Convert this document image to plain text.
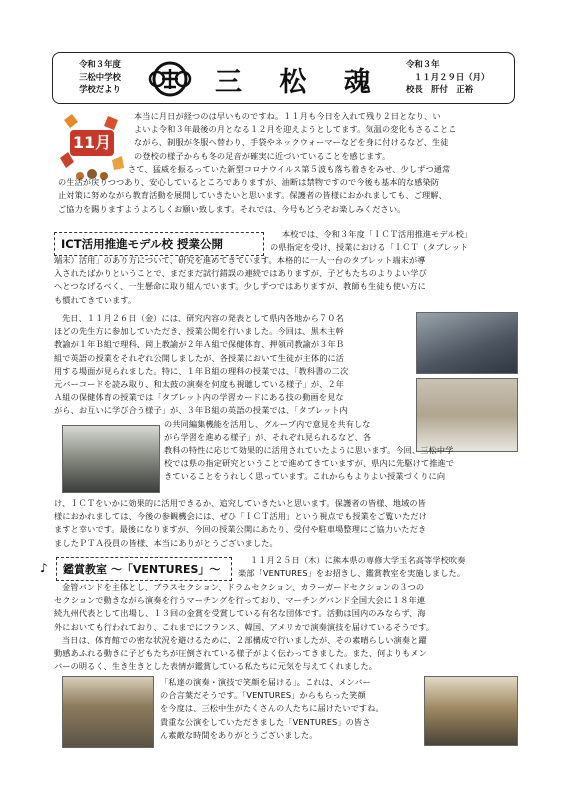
令和３年度
三松中学校
学校だより	三 松 魂
令和３年
１１月２９日（月）
校長　肝付　正裕
11月

本当に月日が経つのは早いものですね。１１月も今日を入れて残り２日となり、い

よいよ令和３年最後の月となる１２月を迎えようとしてます。気温の変化もさることこ

ながら、制服が冬服へ替わり、手袋やネックウォーマーなどを身に付けるなど、生徒

の登校の様子からも冬の足音が確実に近づいていることを感じます。

さて、猛威を振るっていた新型コロナウイルス第５波も落ち着きをみせ、少しずつ通常

の生活が戻りつつあり、安心しているところでありますが、油断は禁物ですので今後も基本的な感染防

止対策に努めながら教育活動を展開していきたいと思います。保護者の皆様におかれましても、ご理解、

ご協力を賜りますようよろしくお願い致します。それでは、今号もどうぞお楽しみください。

ICT活用推進モデル校 授業公開

本校では、令和３年度「ＩＣＴ活用推進モデル校」

の県指定を受け、授業における「ＩＣＴ（タブレット

端末）活用」のあり方について、研究を進めてきています。本格的に一人一台のタブレット端末が導

入されたばかりということで、まだまだ試行錯誤の連続ではありますが、子どもたちのよりよい学び

へとつなげるべく、一生懸命に取り組んでいます。少しずつではありますが、教師も生徒も使い方に

も慣れてきています。

先日、１１月２６日（金）には、研究内容の発表として県内各地から７０名

ほどの先生方に参加していただき、授業公開を行いました。今回は、黒木主幹

教諭が１年Ｂ組で理科、岡上教諭が２年Ａ組で保健体育、押領司教諭が３年Ｂ

組で英語の授業をそれぞれ公開しましたが、各授業において生徒が主体的に活

用する場面が見られました。特に、１年Ｂ組の理科の授業では、「教科書の二次

元バーコードを読み取り、和太鼓の演奏を何度も視聴している様子」が、２年

Ａ組の保健体育の授業では「タブレット内の学習カードにある技の動画を見な

がら、お互いに学び合う様子」が、３年Ｂ組の英語の授業では、「タブレット内

の共同編集機能を活用し、グループ内で意見を共有しな

がら学習を進める様子」が、それぞれ見られるなど、各

教科の特性に応じて効果的に活用されていたように思います。今回、三松中学

校では県の指定研究ということで進めてきていますが、県内に先駆けて推進で

きていることをうれしく思っています。これからもよりよい授業づくりに向

け、ＩＣＴをいかに効果的に活用できるか、追究していきたいと思います。保護者の皆様、地域の皆

様におかれましては、今後の参観機会には、ぜひ「ＩＣＴ活用」という視点でも授業をご覧いただけ

ますと幸いです。最後になりますが、今回の授業公開にあたり、受付や駐車場整理にご協力いただき

ましたＰＴＡ役員の皆様、本当にありがとうございました。

鑑賞教室 〜「VENTURES」〜
♪

１１月２５日（木）に熊本県の専修大学玉名高等学校吹奏

楽部「VENTURES」をお招きし、鑑賞教室を実施しました。

金管バンドを主体とし、ブラスセクション、ドラムセクション、カラーガードセクションの３つの

セクションで動きながら演奏を行うマーチングを行っており、マーチングバンド全国大会に１８年連

続九州代表として出場し、１３回の金賞を受賞している有名な団体です。活動は国内のみならず、海

外においても行われており、これまでにフランス、韓国、アメリカで演奏演技を届けているそうです。

当日は、体育館での密な状況を避けるために、２部構成で行いましたが、その素晴らしい演奏と躍

動感あふれる動きに子どもたちが圧倒されている様子がよく伝わってきました。また、何よりもメン

バーの明るく、生き生きとした表情が鑑賞している私たちに元気を与えてくれました。

「私達の演奏・演技で笑顔を届ける」。これは、メンバー

の合言葉だそうです。「VENTURES」からもらった笑顔

を今度は、三松中生がたくさんの人たちに届けたいですね。

貴重な公演をしていただきました「VENTURES」の皆さ

ん素敵な時間をありがとうございました。
